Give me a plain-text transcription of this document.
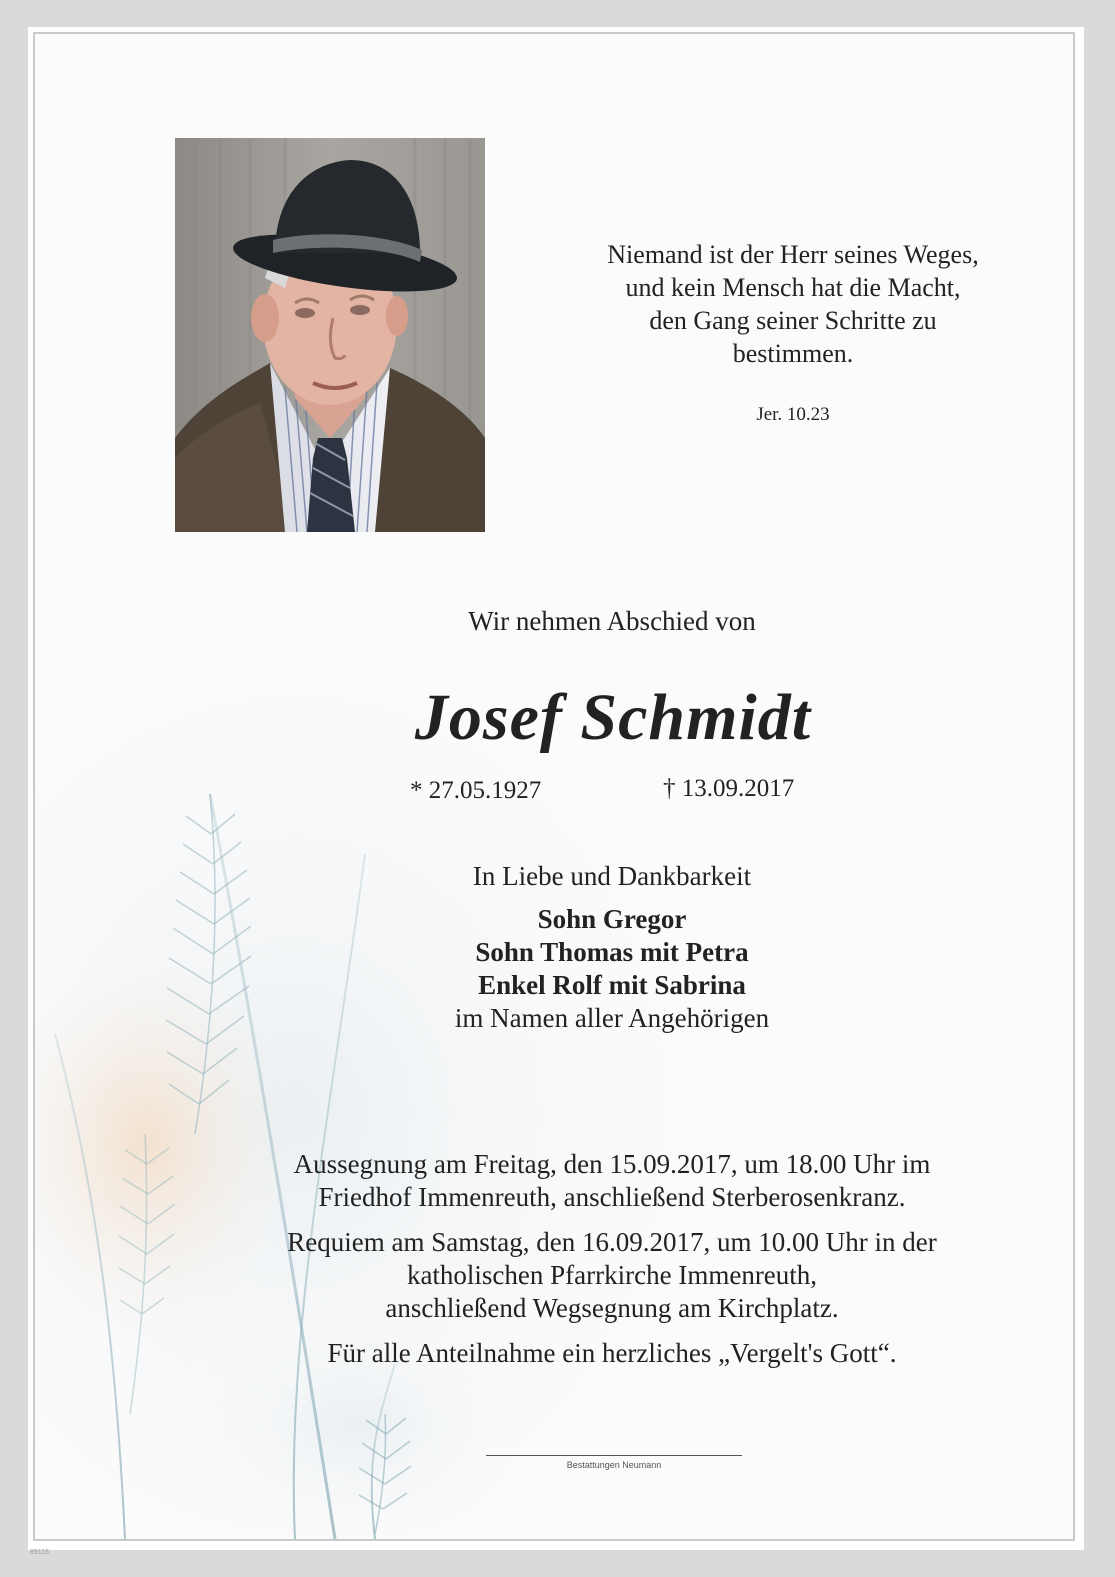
Niemand ist der Herr seines Weges,
und kein Mensch hat die Macht,
den Gang seiner Schritte zu
bestimmen.
Jer. 10.23
Wir nehmen Abschied von
Josef Schmidt
* 27.05.1927	† 13.09.2017
In Liebe und Dankbarkeit
Sohn Gregor
Sohn Thomas mit Petra
Enkel Rolf mit Sabrina
im Namen aller Angehörigen

Aussegnung am Freitag, den 15.09.2017, um 18.00 Uhr im
Friedhof Immenreuth, anschließend Sterberosenkranz.

Requiem am Samstag, den 16.09.2017, um 10.00 Uhr in der
katholischen Pfarrkirche Immenreuth,
anschließend Wegsegnung am Kirchplatz.

Für alle Anteilnahme ein herzliches „Vergelt's Gott“.

Bestattungen Neumann
89116
